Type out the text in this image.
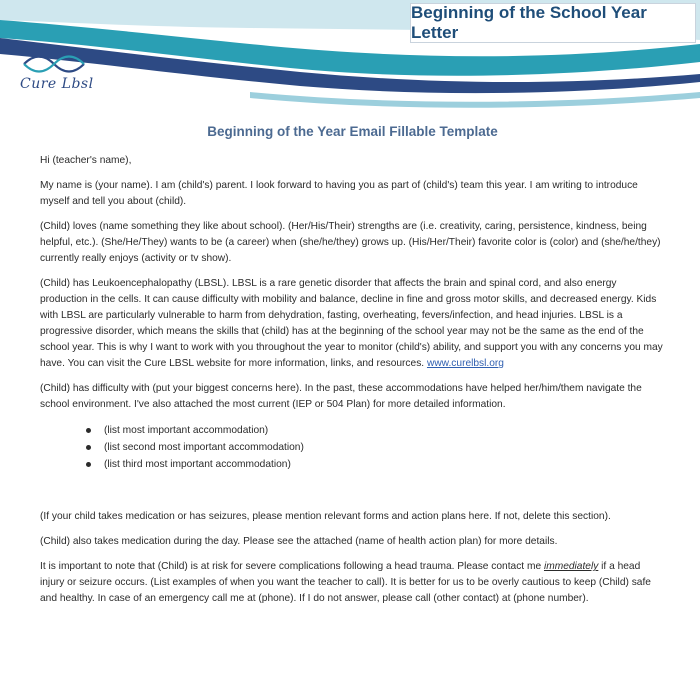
Beginning of the School Year Letter
Cure Lbsl
Beginning of the Year Email Fillable Template

Hi (teacher's name),

My name is (your name). I am (child's) parent. I look forward to having you as part of (child's) team this year. I am writing to introduce myself and tell you about (child).

(Child) loves (name something they like about school). (Her/His/Their) strengths are (i.e. creativity, caring, persistence, kindness, being helpful, etc.). (She/He/They) wants to be (a career) when (she/he/they) grows up. (His/Her/Their) favorite color is (color) and (she/he/they) currently really enjoys (activity or tv show).

(Child) has Leukoencephalopathy (LBSL). LBSL is a rare genetic disorder that affects the brain and spinal cord, and also energy production in the cells. It can cause difficulty with mobility and balance, decline in fine and gross motor skills, and decreased energy. Kids with LBSL are particularly vulnerable to harm from dehydration, fasting, overheating, fevers/infection, and head injuries. LBSL is a progressive disorder, which means the skills that (child) has at the beginning of the school year may not be the same as the end of the school year. This is why I want to work with you throughout the year to monitor (child's) ability, and support you with any concerns you may have. You can visit the Cure LBSL website for more information, links, and resources. www.curelbsl.org

(Child) has difficulty with (put your biggest concerns here). In the past, these accommodations have helped her/him/them navigate the school environment. I've also attached the most current (IEP or 504 Plan) for more detailed information.

(list most important accommodation)
(list second most important accommodation)
(list third most important accommodation)

(If your child takes medication or has seizures, please mention relevant forms and action plans here. If not, delete this section).

(Child) also takes medication during the day. Please see the attached (name of health action plan) for more details.

It is important to note that (Child) is at risk for severe complications following a head trauma. Please contact me immediately if a head injury or seizure occurs. (List examples of when you want the teacher to call). It is better for us to be overly cautious to keep (Child) safe and healthy. In case of an emergency call me at (phone). If I do not answer, please call (other contact) at (phone number).
